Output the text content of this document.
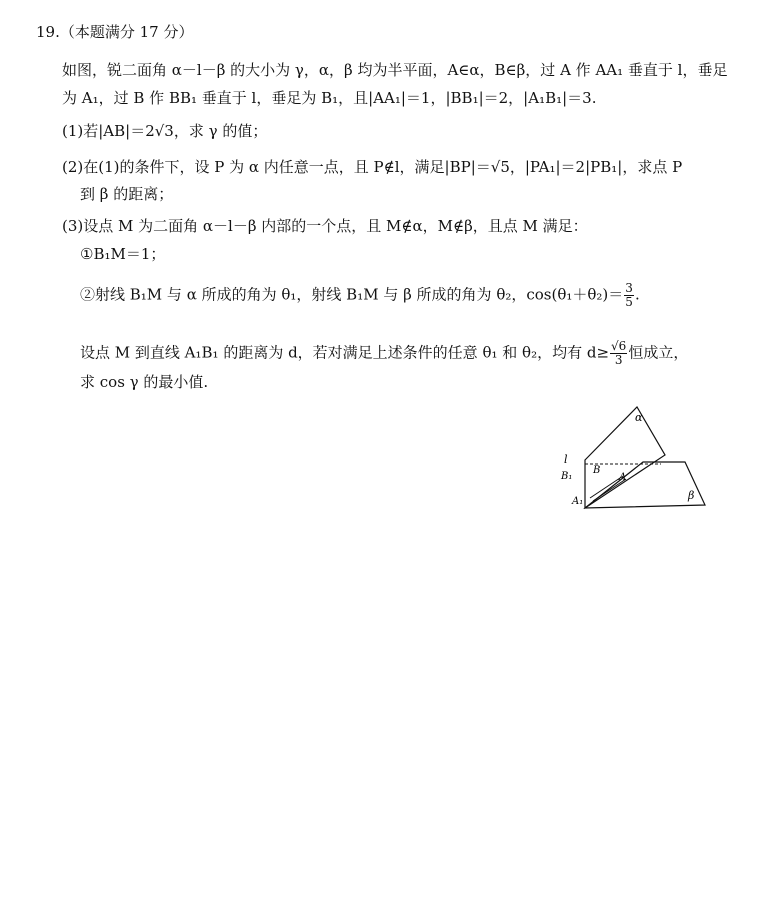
19.（本题满分 17 分）
如图，锐二面角 α－l－β 的大小为 γ，α，β 均为半平面，A∈α，B∈β，过 A 作 AA₁ 垂直于 l，垂足
为 A₁，过 B 作 BB₁ 垂直于 l，垂足为 B₁，且|AA₁|＝1，|BB₁|＝2，|A₁B₁|＝3.
(1)若|AB|＝2√3，求 γ 的值；
(2)在(1)的条件下，设 P 为 α 内任意一点，且 P∉l，满足|BP|＝√5，|PA₁|＝2|PB₁|，求点 P
到 β 的距离；
(3)设点 M 为二面角 α－l－β 内部的一个点，且 M∉α，M∉β，且点 M 满足：
①B₁M＝1；
②射线 B₁M 与 α 所成的角为 θ₁，射线 B₁M 与 β 所成的角为 θ₂，$\cos(\theta_1+\theta_2)= \frac{3}{5}$ .
设点 M 到直线 A₁B₁ 的距离为 d，若对满足上述条件的任意 θ₁ 和 θ₂，均有 $d\ge \frac{√6}{3}$ 恒成立，
求 cos γ 的最小值.
α
β
l
B₁
A₁
B
A
